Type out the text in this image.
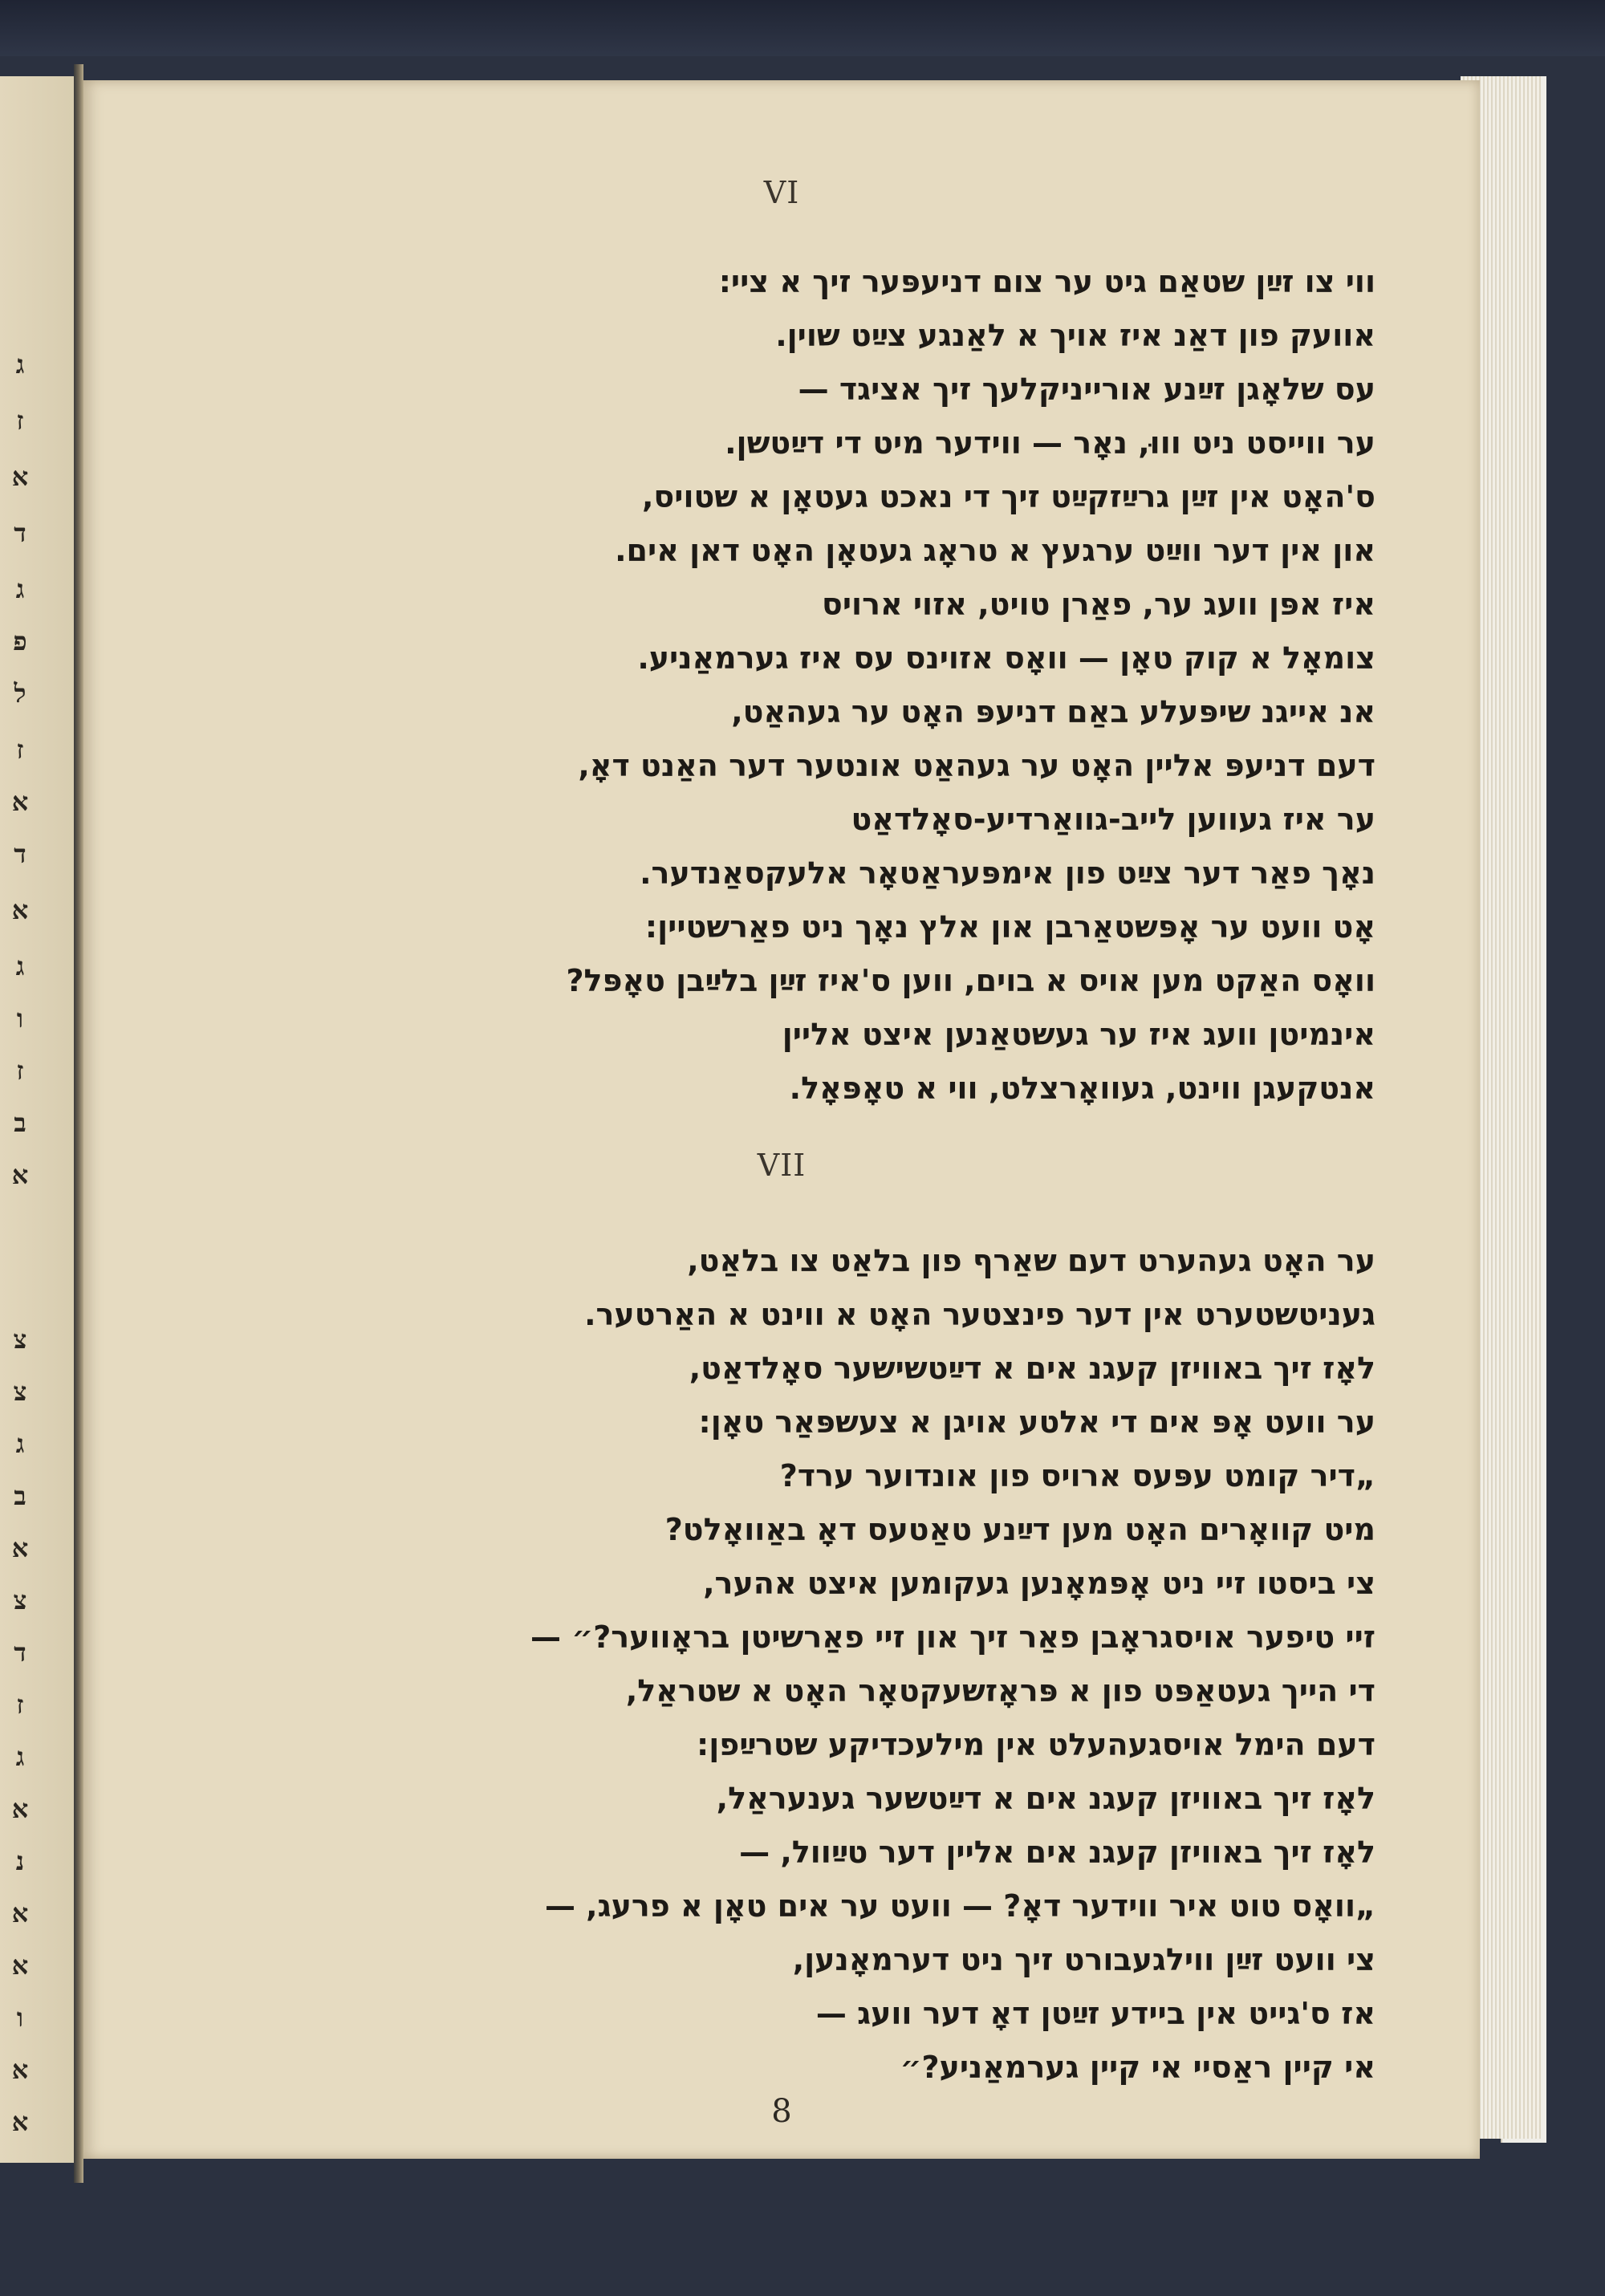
ג
ז
א
ד
ג
פ
ל
ז
א
ד
א
ג
ו
ז
ב
א
צ
צ
ג
ב
א
צ
ד
ז
ג
א
נ
א
א
ו
א
א
VI
ווי צו זײַן שטאַם גיט ער צום דניעפּער זיך א ציי:
אוועק פון דאַנ איז אויך א לאַנגע צײַט שוין.
עס שלאָגן זײַנע אורייניקלעך זיך אציגד —
ער ווייסט ניט וווּ, נאָר — ווידער מיט די דײַטשן.
ס'האָט אין זײַן גרײַזקײַט זיך די נאכט געטאָן א שטויס,
און אין דער ווײַט ערגעץ א טראָג געטאָן האָט דאן אים.
איז אפּן וועג ער, פאַרן טויט, אזוי ארויס
צומאָל א קוק טאָן — וואָס אזוינס עס איז גערמאַניע.
אנ אייגנ שיפּעלע באַם דניעפּ האָט ער געהאַט,
דעם דניעפּ אליין האָט ער געהאַט אונטער דער האַנט דאָ,
ער איז געווען לייב-גוואַרדיע-סאָלדאַט
נאָך פאַר דער צײַט פון אימפּעראַטאָר אלעקסאַנדער.
אָט וועט ער אָפּשטאַרבן און אלץ נאָך ניט פאַרשטיין:
וואָס האַקט מען אויס א בוים, ווען ס'איז זײַן בלײַבן טאָפּל?
אינמיטן וועג איז ער געשטאַנען איצט אליין
אנטקעגן ווינט, געוואָרצלט, ווי א טאָפּאָל.
VII
ער האָט געהערט דעם שאַרף פון בלאַט צו בלאַט,
געניטשטערט אין דער פינצטער האָט א ווינט א האַרטער.
לאָז זיך באוויזן קעגנ אים א דײַטשישער סאָלדאַט,
ער וועט אָפּ אים די אלטע אויגן א צעשפּאַר טאָן:
„דיר קומט עפּעס ארויס פון אונדוער ערד?
מיט קוואָרים האָט מען דײַנע טאַטעס דאָ באַוואָלט?
צי ביסטו זיי ניט אָפּמאָנען געקומען איצט אהער,
זיי טיפער אויסגראָבן פאַר זיך און זיי פאַרשיטן בראָווער?״ —
די הייך געטאַפּט פון א פּראָזשעקטאָר האָט א שטראַל,
דעם הימל אויסגעהעלט אין מילעכדיקע שטרײַפן:
לאָז זיך באוויזן קעגנ אים א דײַטשער גענעראַל,
לאָז זיך באוויזן קעגנ אים אליין דער טײַוול, —
„וואָס טוט איר ווידער דאָ? — וועט ער אים טאָן א פרעג, —
צי וועט זײַן ווילגעבורט זיך ניט דערמאָנען,
אז ס'גייט אין ביידע זײַטן דאָ דער וועג —
אי קיין ראַסיי אי קיין גערמאַניע?״
8
